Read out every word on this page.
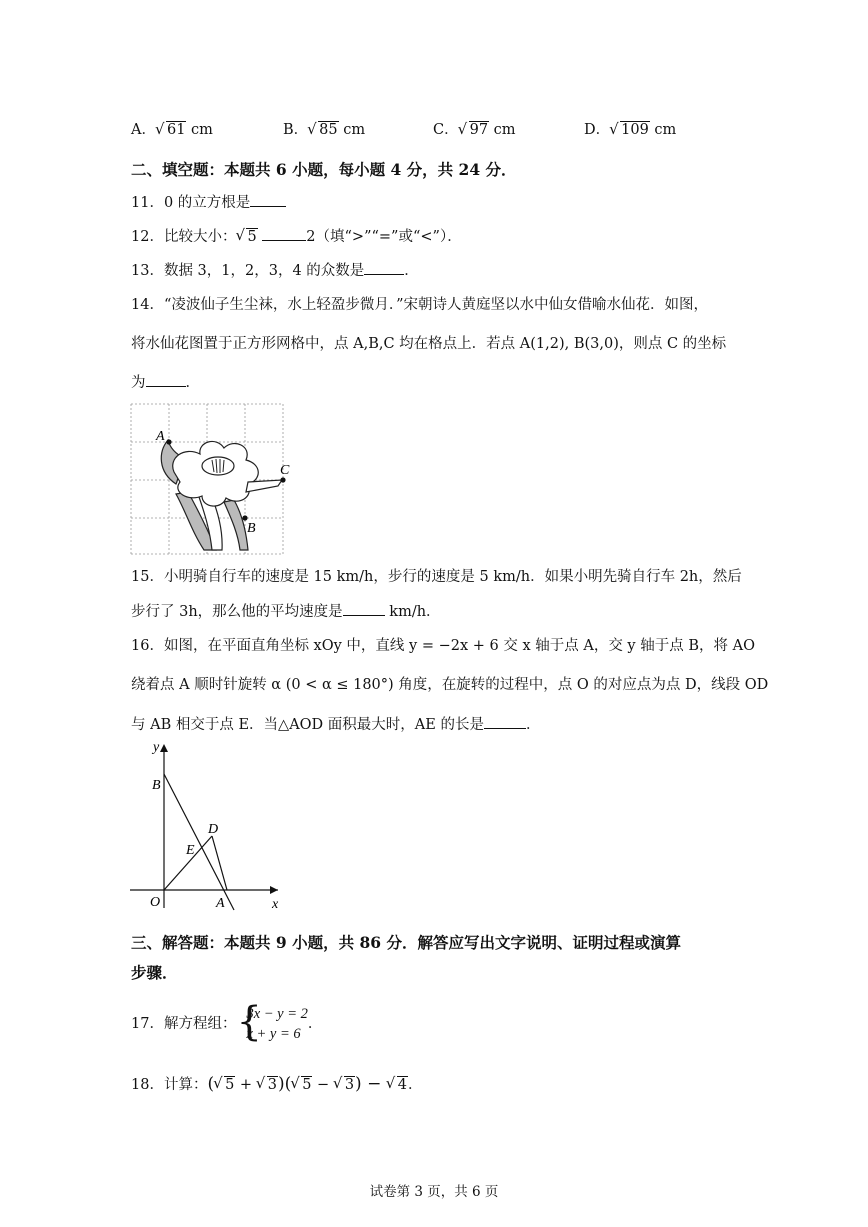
A． √ 61 cm	B． √ 85 cm	C． √ 97 cm	D． √ 109 cm
二、填空题：本题共 6 小题，每小题 4 分，共 24 分．
11．0 的立方根是
12．比较大小： √ 5	2（填“>”“=”或“<”）．
13．数据 3，1，2，3，4 的众数是	．
14．“凌波仙子生尘袜，水上轻盈步微月．”宋朝诗人黄庭坚以水中仙女借喻水仙花．如图，
将水仙花图置于正方形网格中，点 A,B,C 均在格点上．若点 A(1,2), B(3,0)，则点 C 的坐标
为	．
A
C
B
15．小明骑自行车的速度是 15 km/h，步行的速度是 5 km/h．如果小明先骑自行车 2h，然后
步行了 3h，那么他的平均速度是	km/h．
16．如图，在平面直角坐标 xOy 中，直线 y = −2x + 6 交 x 轴于点 A，交 y 轴于点 B，将 AO
绕着点 A 顺时针旋转 α (0 < α ≤ 180°) 角度，在旋转的过程中，点 O 的对应点为点 D，线段 OD
与 AB 相交于点 E．当△AOD 面积最大时，AE 的长是	．
y
x
O	A
B
D
E
三、解答题：本题共 9 小题，共 86 分．解答应写出文字说明、证明过程或演算
步骤．
17．解方程组： {
3x − y = 2
x + y = 6
．
18．计算：( √ 5 + √ 3)( √ 5 − √ 3) − √ 4．
试卷第 3 页，共 6 页
